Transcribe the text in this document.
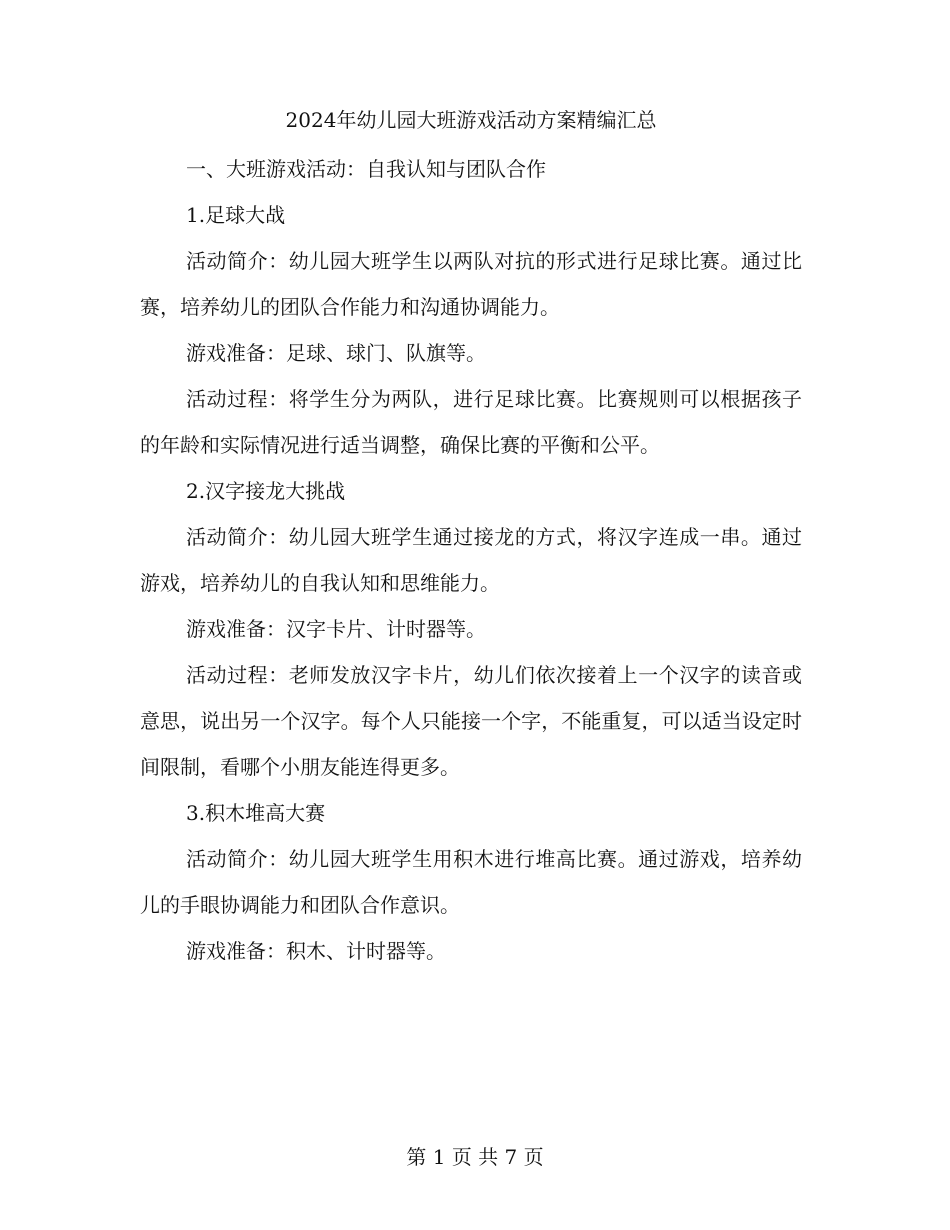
2024年幼儿园大班游戏活动方案精编汇总

一、大班游戏活动：自我认知与团队合作

1.足球大战

活动简介：幼儿园大班学生以两队对抗的形式进行足球比赛。通过比赛，培养幼儿的团队合作能力和沟通协调能力。

游戏准备：足球、球门、队旗等。

活动过程：将学生分为两队，进行足球比赛。比赛规则可以根据孩子的年龄和实际情况进行适当调整，确保比赛的平衡和公平。

2.汉字接龙大挑战

活动简介：幼儿园大班学生通过接龙的方式，将汉字连成一串。通过游戏，培养幼儿的自我认知和思维能力。

游戏准备：汉字卡片、计时器等。

活动过程：老师发放汉字卡片，幼儿们依次接着上一个汉字的读音或意思，说出另一个汉字。每个人只能接一个字，不能重复，可以适当设定时间限制，看哪个小朋友能连得更多。

3.积木堆高大赛

活动简介：幼儿园大班学生用积木进行堆高比赛。通过游戏，培养幼儿的手眼协调能力和团队合作意识。

游戏准备：积木、计时器等。

第 1 页 共 7 页
